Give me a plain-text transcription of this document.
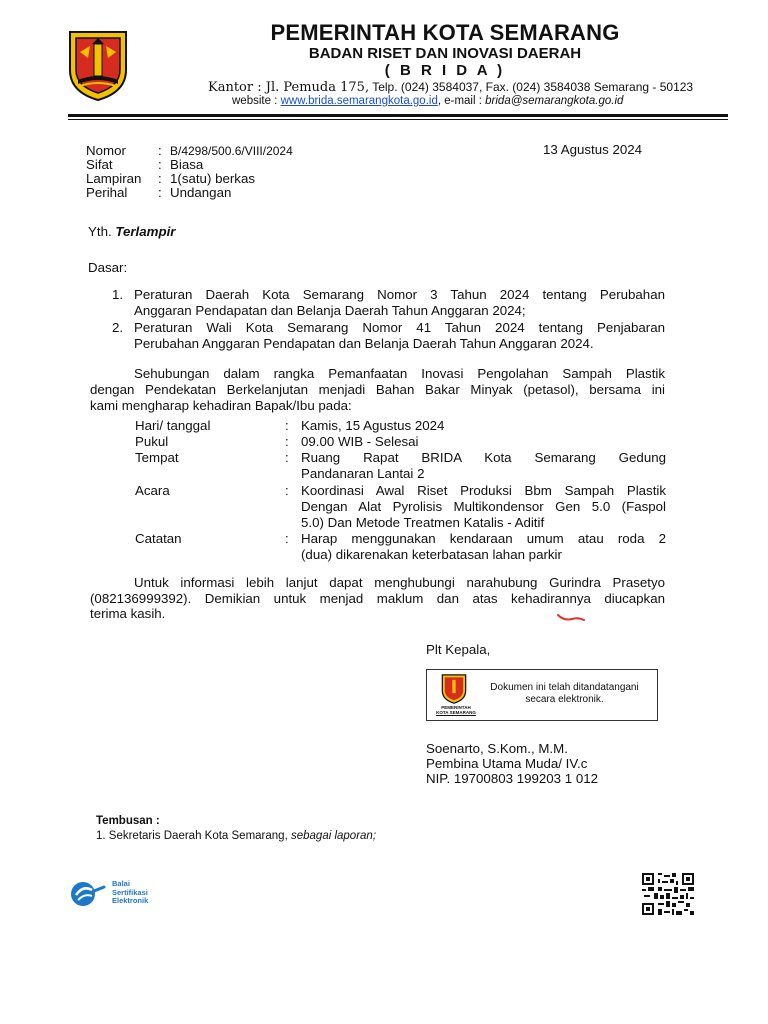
PEMERINTAH KOTA SEMARANG
BADAN RISET DAN INOVASI DAERAH
( B R I D A )
Kantor : Jl. Pemuda 175, Telp. (024) 3584037, Fax. (024) 3584038 Semarang - 50123
website : www.brida.semarangkota.go.id, e-mail : brida@semarangkota.go.id
13 Agustus 2024
Nomor	: B/4298/500.6/VIII/2024
Sifat	: Biasa
Lampiran	: 1(satu) berkas
Perihal	: Undangan
Yth. Terlampir
Dasar:
1. Peraturan Daerah Kota Semarang Nomor 3 Tahun 2024 tentang Perubahan
Anggaran Pendapatan dan Belanja Daerah Tahun Anggaran 2024;
2. Peraturan Wali Kota Semarang Nomor 41 Tahun 2024 tentang Penjabaran
Perubahan Anggaran Pendapatan dan Belanja Daerah Tahun Anggaran 2024.
Sehubungan dalam rangka Pemanfaatan Inovasi Pengolahan Sampah Plastik
dengan Pendekatan Berkelanjutan menjadi Bahan Bakar Minyak (petasol), bersama ini
kami mengharap kehadiran Bapak/Ibu pada:
Hari/ tanggal	: Kamis, 15 Agustus 2024
Pukul	: 09.00 WIB - Selesai
Tempat	: Ruang Rapat BRIDA Kota Semarang Gedung
Pandanaran Lantai 2
Acara	: Koordinasi Awal Riset Produksi Bbm Sampah Plastik
Dengan Alat Pyrolisis Multikondensor Gen 5.0 (Faspol
5.0) Dan Metode Treatmen Katalis - Aditif
Catatan	: Harap menggunakan kendaraan umum atau roda 2
(dua) dikarenakan keterbatasan lahan parkir
Untuk informasi lebih lanjut dapat menghubungi narahubung Gurindra Prasetyo
(082136999392). Demikian untuk menjad maklum dan atas kehadirannya diucapkan
terima kasih.
Plt Kepala,
PEMERINTAH
KOTA SEMARANG
Dokumen ini telah ditandatangani
secara elektronik.
Soenarto, S.Kom., M.M.
Pembina Utama Muda/ IV.c
NIP. 19700803 199203 1 012
Tembusan :
1. Sekretaris Daerah Kota Semarang, sebagai laporan;
Balai
Sertifikasi
Elektronik
